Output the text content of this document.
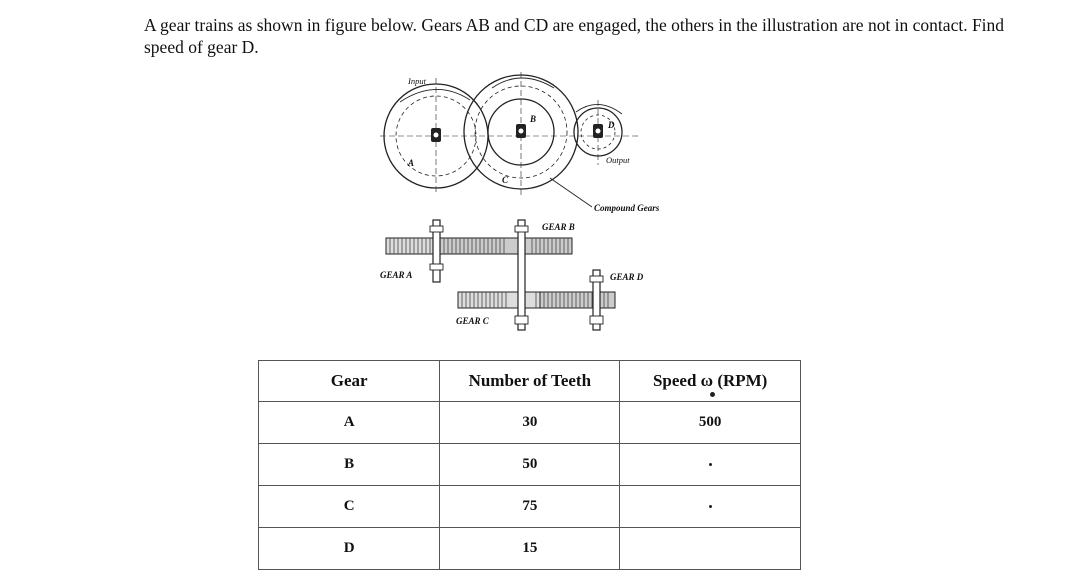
A gear trains as shown in figure below. Gears AB and CD are engaged, the others in the illustration are not in contact. Find speed of gear D.
Input
A
B
C
D
Output
Compound Gears
GEAR B
GEAR A	GEAR D
GEAR C
Gear	Number of Teeth	Speed ω (RPM)

A	30	500
B	50	

C	75	

D	15	
